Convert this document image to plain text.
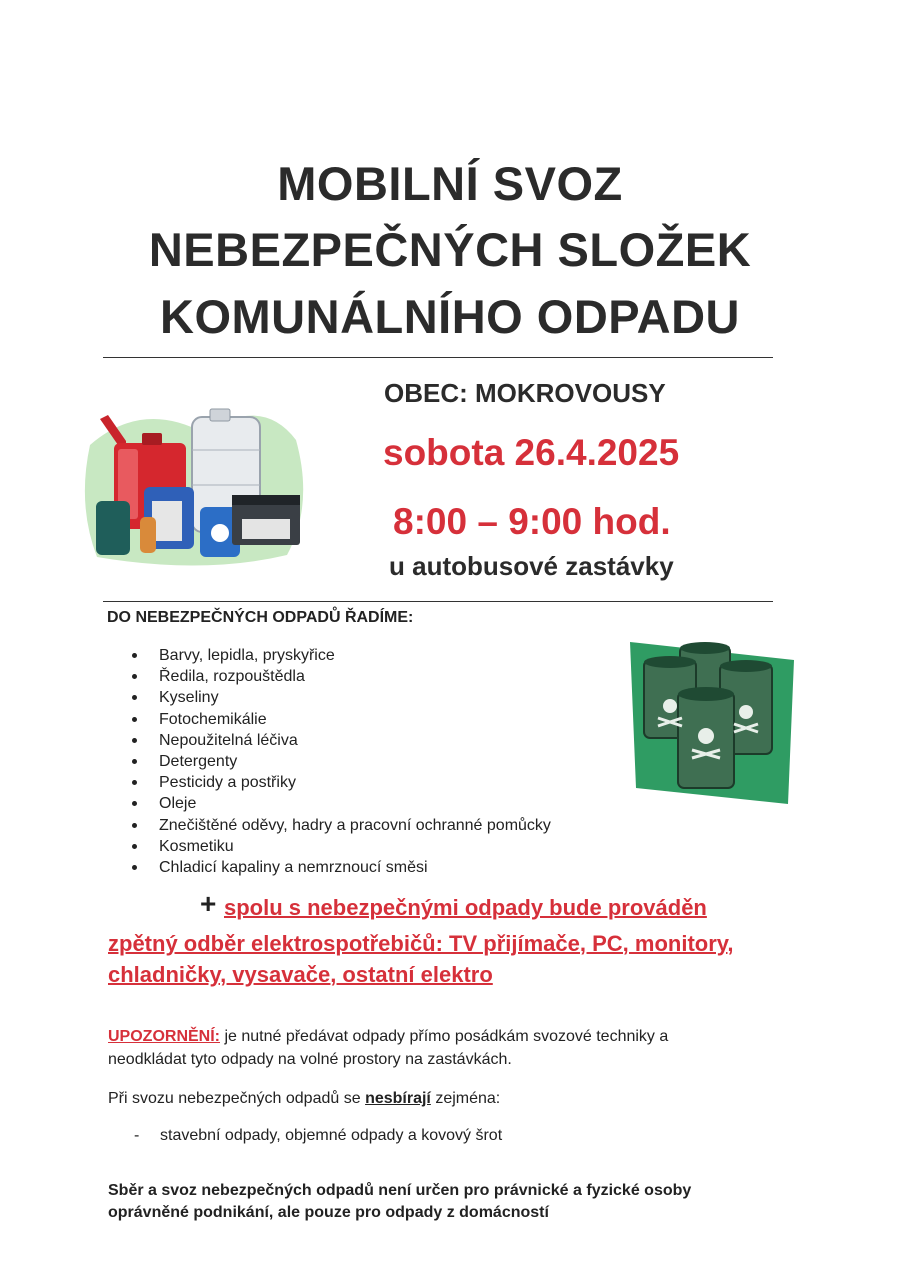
MOBILNÍ SVOZ
NEBEZPEČNÝCH SLOŽEK
KOMUNÁLNÍHO ODPADU
OBEC: MOKROVOUSY
sobota 26.4.2025
8:00 – 9:00 hod.
u autobusové zastávky
DO NEBEZPEČNÝCH ODPADŮ ŘADÍME:
Barvy, lepidla, pryskyřice
Ředila, rozpouštědla
Kyseliny
Fotochemikálie
Nepoužitelná léčiva
Detergenty
Pesticidy a postřiky
Oleje
Znečištěné oděvy, hadry a pracovní ochranné pomůcky
Kosmetiku
Chladicí kapaliny a nemrznoucí směsi
+ spolu s nebezpečnými odpady bude prováděn
zpětný odběr elektrospotřebičů: TV přijímače, PC, monitory,
chladničky, vysavače, ostatní elektro
UPOZORNĚNÍ: je nutné předávat odpady přímo posádkám svozové techniky a
neodkládat tyto odpady na volné prostory na zastávkách.
Při svozu nebezpečných odpadů se nesbírají zejména:
- stavební odpady, objemné odpady a kovový šrot
Sběr a svoz nebezpečných odpadů není určen pro právnické a fyzické osoby
oprávněné podnikání, ale pouze pro odpady z domácností
